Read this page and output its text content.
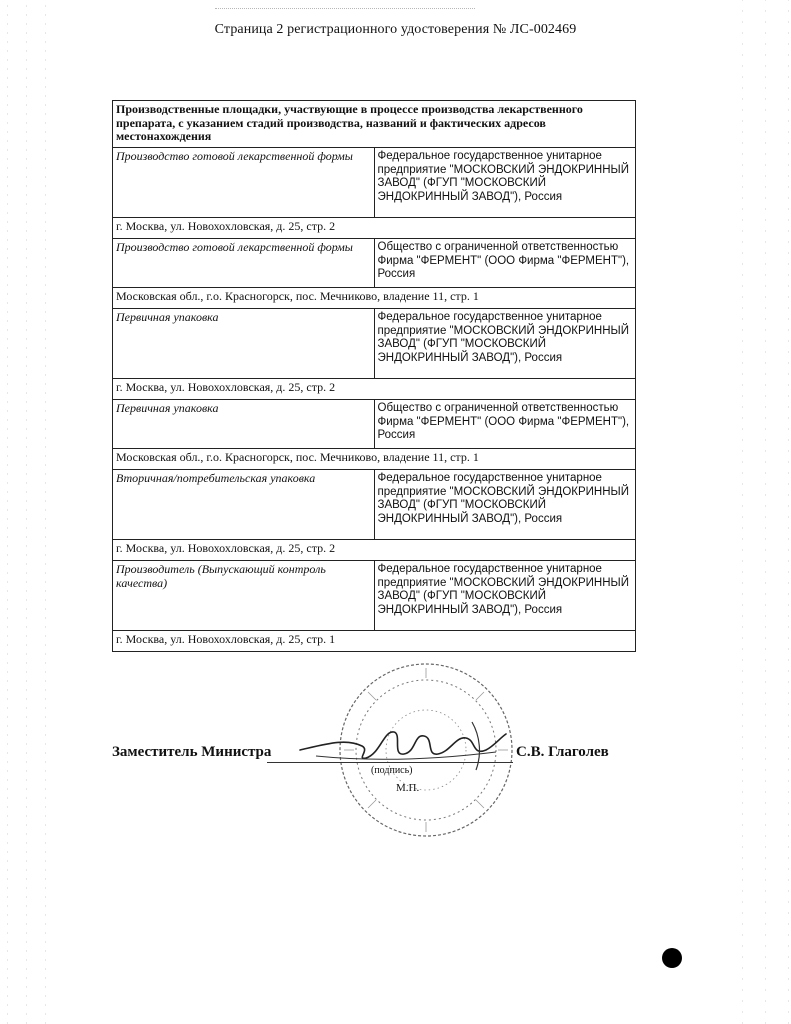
Страница 2 регистрационного удостоверения № ЛС-002469
Производственные площадки, участвующие в процессе производства лекарственного препарата, с указанием стадий производства, названий и фактических адресов местонахождения	
Производство готовой лекарственной формы	Федеральное государственное унитарное предприятие "МОСКОВСКИЙ ЭНДОКРИННЫЙ ЗАВОД" (ФГУП "МОСКОВСКИЙ ЭНДОКРИННЫЙ ЗАВОД"), Россия
г. Москва, ул. Новохохловская, д. 25, стр. 2	
Производство готовой лекарственной формы	Общество с ограниченной ответственностью Фирма "ФЕРМЕНТ" (ООО Фирма "ФЕРМЕНТ"), Россия
Московская обл., г.о. Красногорск, пос. Мечниково, владение 11, стр. 1	
Первичная упаковка	Федеральное государственное унитарное предприятие "МОСКОВСКИЙ ЭНДОКРИННЫЙ ЗАВОД" (ФГУП "МОСКОВСКИЙ ЭНДОКРИННЫЙ ЗАВОД"), Россия
г. Москва, ул. Новохохловская, д. 25, стр. 2	
Первичная упаковка	Общество с ограниченной ответственностью Фирма "ФЕРМЕНТ" (ООО Фирма "ФЕРМЕНТ"), Россия
Московская обл., г.о. Красногорск, пос. Мечниково, владение 11, стр. 1	
Вторичная/потребительская упаковка	Федеральное государственное унитарное предприятие "МОСКОВСКИЙ ЭНДОКРИННЫЙ ЗАВОД" (ФГУП "МОСКОВСКИЙ ЭНДОКРИННЫЙ ЗАВОД"), Россия
г. Москва, ул. Новохохловская, д. 25, стр. 2	
Производитель (Выпускающий контроль качества)	Федеральное государственное унитарное предприятие "МОСКОВСКИЙ ЭНДОКРИННЫЙ ЗАВОД" (ФГУП "МОСКОВСКИЙ ЭНДОКРИННЫЙ ЗАВОД"), Россия
г. Москва, ул. Новохохловская, д. 25, стр. 1	
Заместитель Министра
(подпись)
М.П.
С.В. Глаголев
